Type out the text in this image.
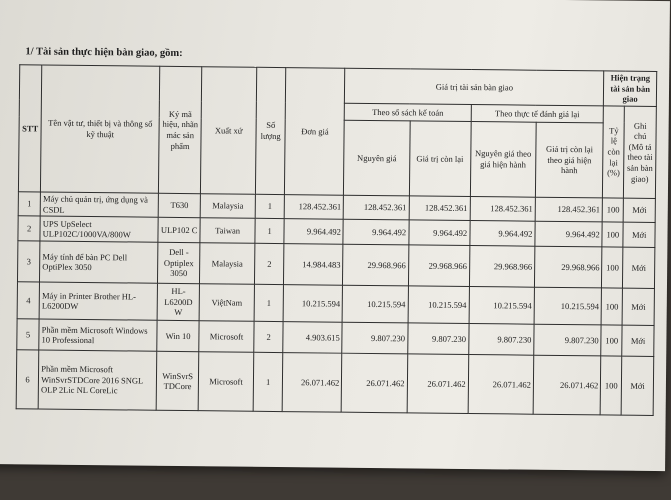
1/ Tài sản thực hiện bàn giao, gồm:
STT	Tên vật tư, thiết bị và thông số kỹ thuật	Ký mã hiệu, nhãn mác sản phẩm	Xuất xứ	Số lượng	Đơn giá	Giá trị tài sản bàn giao				Hiện trạng tài sản bàn giao	
						Theo sổ sách kế toán		Theo thực tế đánh giá lại		Tỷ lệ còn lại (%)	Ghi chú (Mô tả theo tài sản bàn giao)
						Nguyên giá	Giá trị còn lại	Nguyên giá theo giá hiện hành	Giá trị còn lại theo giá hiện hành		
1	Máy chủ quản trị, ứng dụng và CSDL	T630	Malaysia	1	128.452.361	128.452.361	128.452.361	128.452.361	128.452.361	100	Mới
2	UPS UpSelect ULP102C/1000VA/800W	ULP102 C	Taiwan	1	9.964.492	9.964.492	9.964.492	9.964.492	9.964.492	100	Mới
3	Máy tính để bàn PC Dell OptiPlex 3050	Dell - Optiplex 3050	Malaysia	2	14.984.483	29.968.966	29.968.966	29.968.966	29.968.966	100	Mới
4	Máy in Printer Brother HL-L6200DW	HL-L6200D W	ViệtNam	1	10.215.594	10.215.594	10.215.594	10.215.594	10.215.594	100	Mới
5	Phần mềm Microsoft Windows 10 Professional	Win 10	Microsoft	2	4.903.615	9.807.230	9.807.230	9.807.230	9.807.230	100	Mới
6	Phần mềm Microsoft WinSvrSTDCore 2016 SNGL OLP 2Lic NL CoreLic	WinSvrS TDCore	Microsoft	1	26.071.462	26.071.462	26.071.462	26.071.462	26.071.462	100	Mới
